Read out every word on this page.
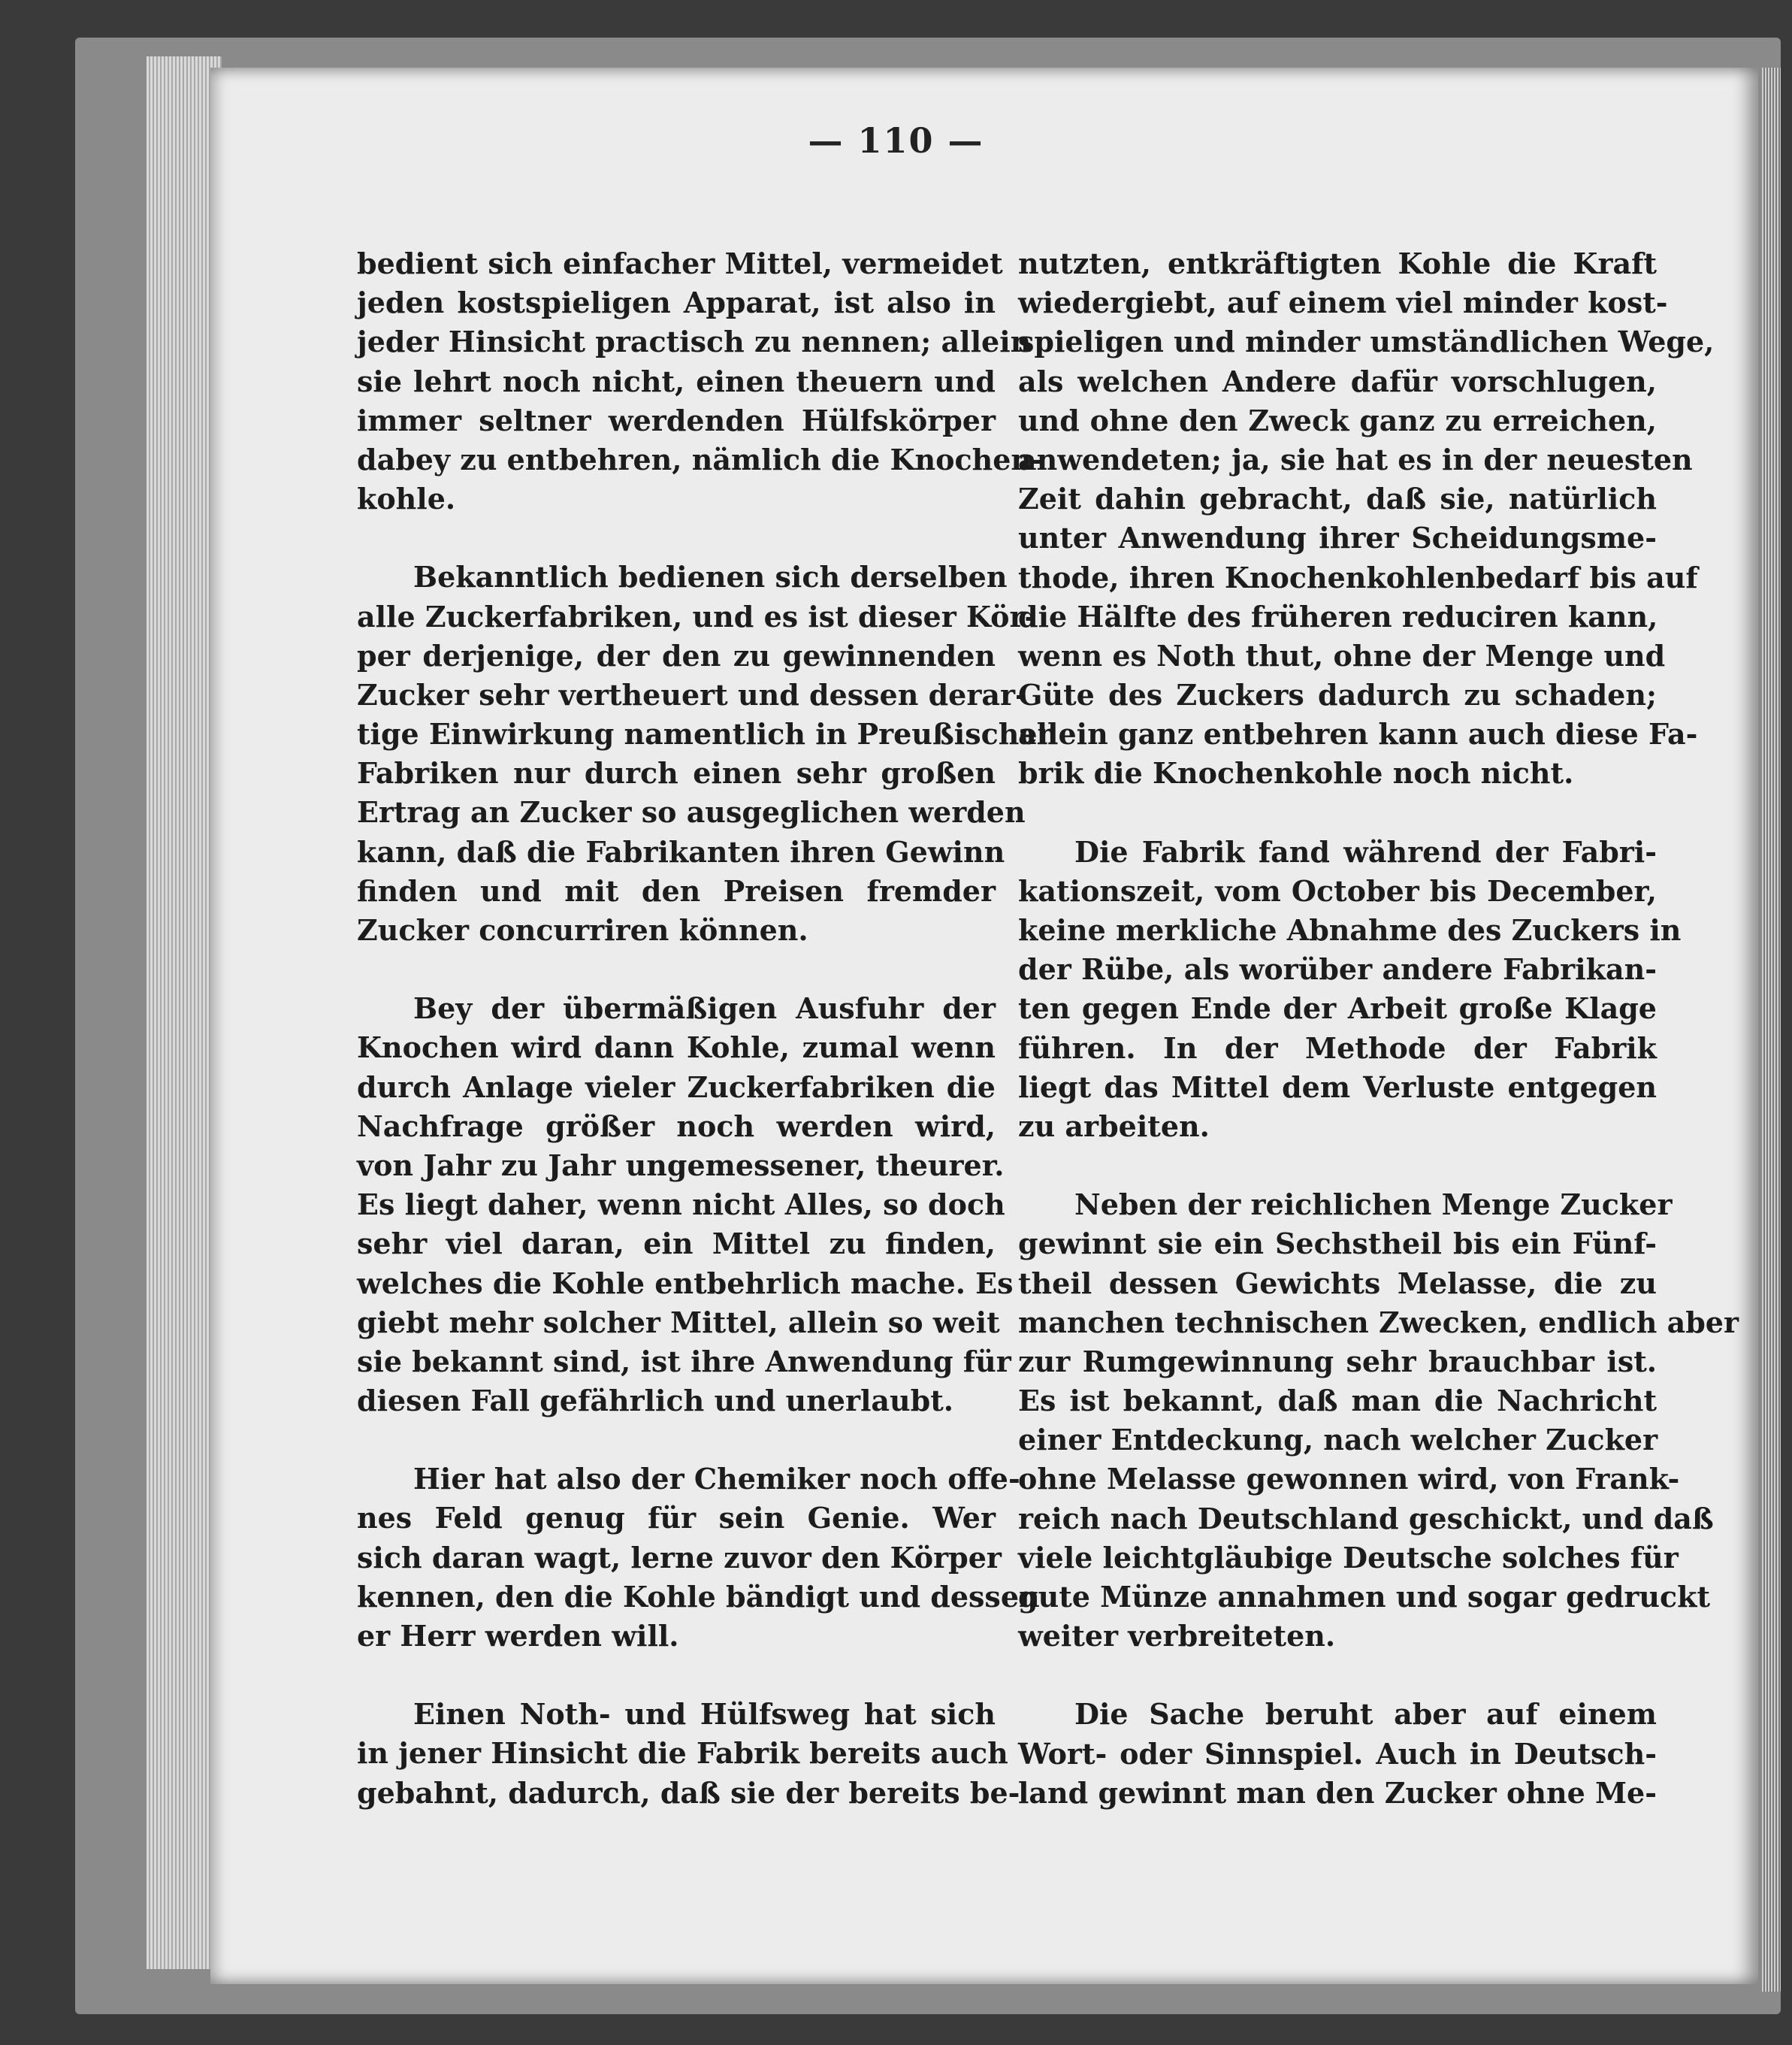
— 110 —
bedient sich einfacher Mittel, vermeidet
jeden kostspieligen Apparat, ist also in
jeder Hinsicht practisch zu nennen; allein
sie lehrt noch nicht, einen theuern und
immer seltner werdenden Hülfskörper
dabey zu entbehren, nämlich die Knochen-
kohle.
Bekanntlich bedienen sich derselben
alle Zuckerfabriken, und es ist dieser Kör-
per derjenige, der den zu gewinnenden
Zucker sehr vertheuert und dessen derar-
tige Einwirkung namentlich in Preußischen
Fabriken nur durch einen sehr großen
Ertrag an Zucker so ausgeglichen werden
kann, daß die Fabrikanten ihren Gewinn
finden und mit den Preisen fremder
Zucker concurriren können.
Bey der übermäßigen Ausfuhr der
Knochen wird dann Kohle, zumal wenn
durch Anlage vieler Zuckerfabriken die
Nachfrage größer noch werden wird,
von Jahr zu Jahr ungemessener, theurer.
Es liegt daher, wenn nicht Alles, so doch
sehr viel daran, ein Mittel zu finden,
welches die Kohle entbehrlich mache. Es
giebt mehr solcher Mittel, allein so weit
sie bekannt sind, ist ihre Anwendung für
diesen Fall gefährlich und unerlaubt.
Hier hat also der Chemiker noch offe-
nes Feld genug für sein Genie. Wer
sich daran wagt, lerne zuvor den Körper
kennen, den die Kohle bändigt und dessen
er Herr werden will.
Einen Noth- und Hülfsweg hat sich
in jener Hinsicht die Fabrik bereits auch
gebahnt, dadurch, daß sie der bereits be-
nutzten, entkräftigten Kohle die Kraft
wiedergiebt, auf einem viel minder kost-
spieligen und minder umständlichen Wege,
als welchen Andere dafür vorschlugen,
und ohne den Zweck ganz zu erreichen,
anwendeten; ja, sie hat es in der neuesten
Zeit dahin gebracht, daß sie, natürlich
unter Anwendung ihrer Scheidungsme-
thode, ihren Knochenkohlenbedarf bis auf
die Hälfte des früheren reduciren kann,
wenn es Noth thut, ohne der Menge und
Güte des Zuckers dadurch zu schaden;
allein ganz entbehren kann auch diese Fa-
brik die Knochenkohle noch nicht.
Die Fabrik fand während der Fabri-
kationszeit, vom October bis December,
keine merkliche Abnahme des Zuckers in
der Rübe, als worüber andere Fabrikan-
ten gegen Ende der Arbeit große Klage
führen. In der Methode der Fabrik
liegt das Mittel dem Verluste entgegen
zu arbeiten.
Neben der reichlichen Menge Zucker
gewinnt sie ein Sechstheil bis ein Fünf-
theil dessen Gewichts Melasse, die zu
manchen technischen Zwecken, endlich aber
zur Rumgewinnung sehr brauchbar ist.
Es ist bekannt, daß man die Nachricht
einer Entdeckung, nach welcher Zucker
ohne Melasse gewonnen wird, von Frank-
reich nach Deutschland geschickt, und daß
viele leichtgläubige Deutsche solches für
gute Münze annahmen und sogar gedruckt
weiter verbreiteten.
Die Sache beruht aber auf einem
Wort- oder Sinnspiel. Auch in Deutsch-
land gewinnt man den Zucker ohne Me-
